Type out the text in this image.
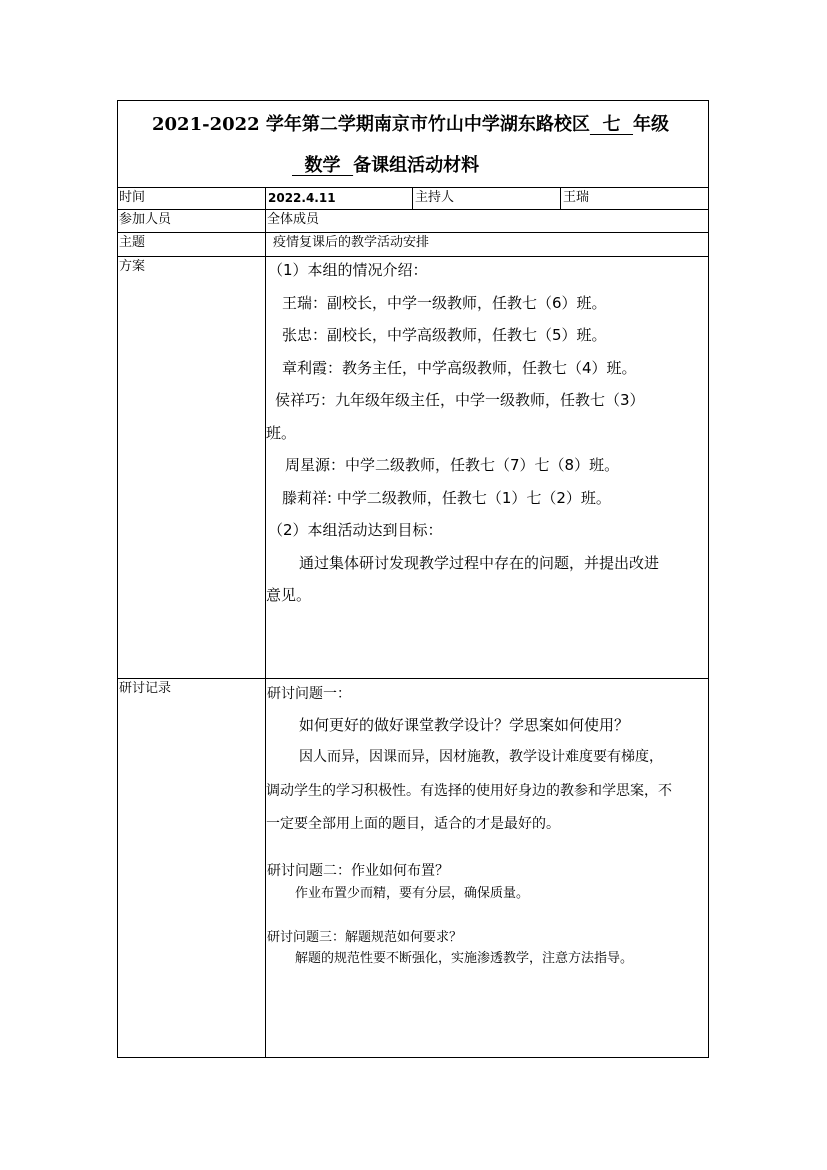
2021-2022 学年第二学期南京市竹山中学湖东路校区  七  年级
数学  备课组活动材料
时间	2022.4.11	主持人	王瑞
参加人员	全体成员
主题	疫情复课后的教学活动安排
方案	（1）本组的情况介绍：
王瑞：副校长，中学一级教师，任教七（6）班。
张忠：副校长，中学高级教师，任教七（5）班。
章利霞：教务主任，中学高级教师，任教七（4）班。
侯祥巧：九年级年级主任，中学一级教师，任教七（3）
班。
周星源：中学二级教师，任教七（7）七（8）班。
滕莉祥: 中学二级教师，任教七（1）七（2）班。
（2）本组活动达到目标：
通过集体研讨发现教学过程中存在的问题，并提出改进
意见。
研讨记录	研讨问题一：
如何更好的做好课堂教学设计？学思案如何使用？
因人而异，因课而异，因材施教，教学设计难度要有梯度，
调动学生的学习积极性。有选择的使用好身边的教参和学思案，不
一定要全部用上面的题目，适合的才是最好的。
研讨问题二：作业如何布置？
作业布置少而精，要有分层，确保质量。
研讨问题三：解题规范如何要求？
解题的规范性要不断强化，实施渗透教学，注意方法指导。
